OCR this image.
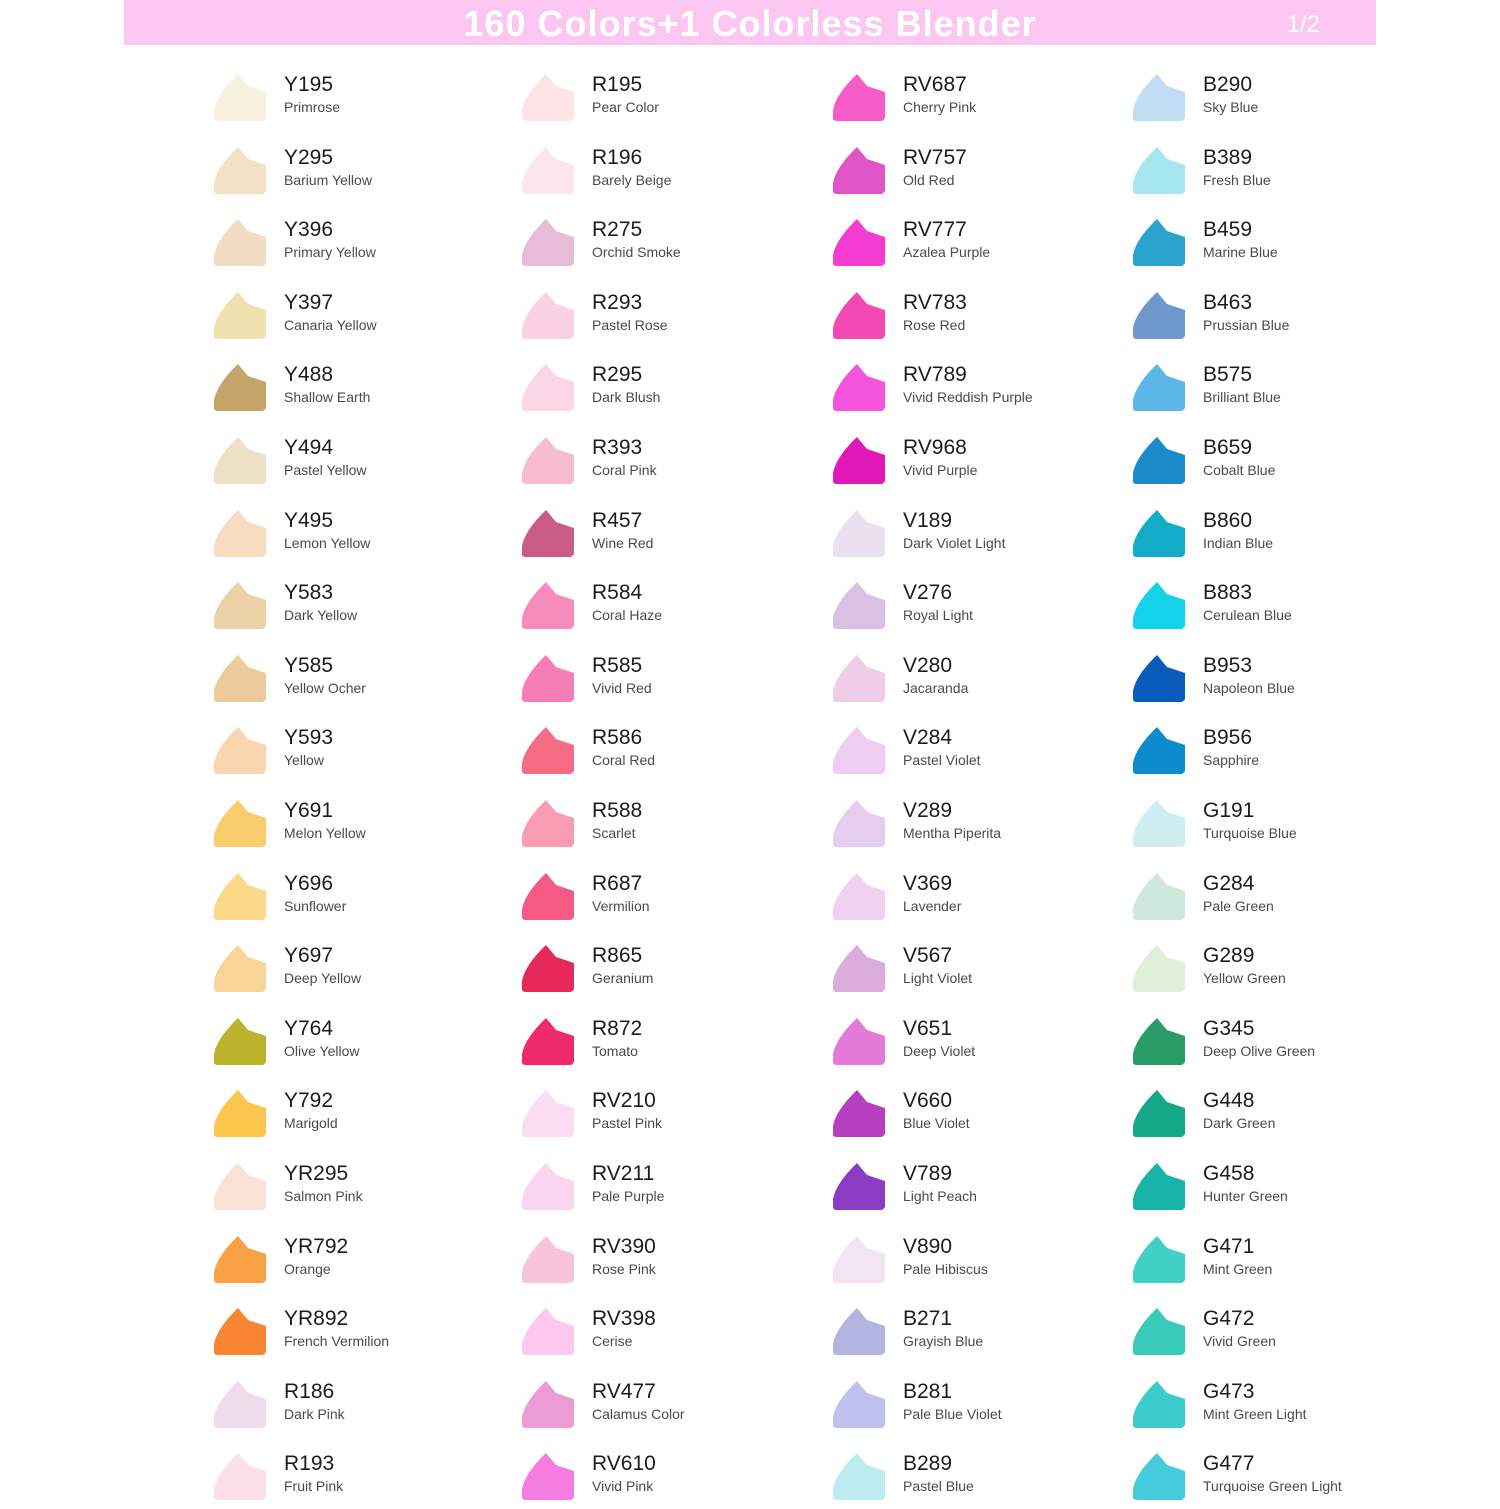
160 Colors+1 Colorless Blender	1/2
Y195
Primrose
Y295
Barium Yellow
Y396
Primary Yellow
Y397
Canaria Yellow
Y488
Shallow Earth
Y494
Pastel Yellow
Y495
Lemon Yellow
Y583
Dark Yellow
Y585
Yellow Ocher
Y593
Yellow
Y691
Melon Yellow
Y696
Sunflower
Y697
Deep Yellow
Y764
Olive Yellow
Y792
Marigold
YR295
Salmon Pink
YR792
Orange
YR892
French Vermilion
R186
Dark Pink
R193
Fruit Pink
R195
Pear Color
R196
Barely Beige
R275
Orchid Smoke
R293
Pastel Rose
R295
Dark Blush
R393
Coral Pink
R457
Wine Red
R584
Coral Haze
R585
Vivid Red
R586
Coral Red
R588
Scarlet
R687
Vermilion
R865
Geranium
R872
Tomato
RV210
Pastel Pink
RV211
Pale Purple
RV390
Rose Pink
RV398
Cerise
RV477
Calamus Color
RV610
Vivid Pink
RV687
Cherry Pink
RV757
Old Red
RV777
Azalea Purple
RV783
Rose Red
RV789
Vivid Reddish Purple
RV968
Vivid Purple
V189
Dark Violet Light
V276
Royal Light
V280
Jacaranda
V284
Pastel Violet
V289
Mentha Piperita
V369
Lavender
V567
Light Violet
V651
Deep Violet
V660
Blue Violet
V789
Light Peach
V890
Pale Hibiscus
B271
Grayish Blue
B281
Pale Blue Violet
B289
Pastel Blue
B290
Sky Blue
B389
Fresh Blue
B459
Marine Blue
B463
Prussian Blue
B575
Brilliant Blue
B659
Cobalt Blue
B860
Indian Blue
B883
Cerulean Blue
B953
Napoleon Blue
B956
Sapphire
G191
Turquoise Blue
G284
Pale Green
G289
Yellow Green
G345
Deep Olive Green
G448
Dark Green
G458
Hunter Green
G471
Mint Green
G472
Vivid Green
G473
Mint Green Light
G477
Turquoise Green Light
